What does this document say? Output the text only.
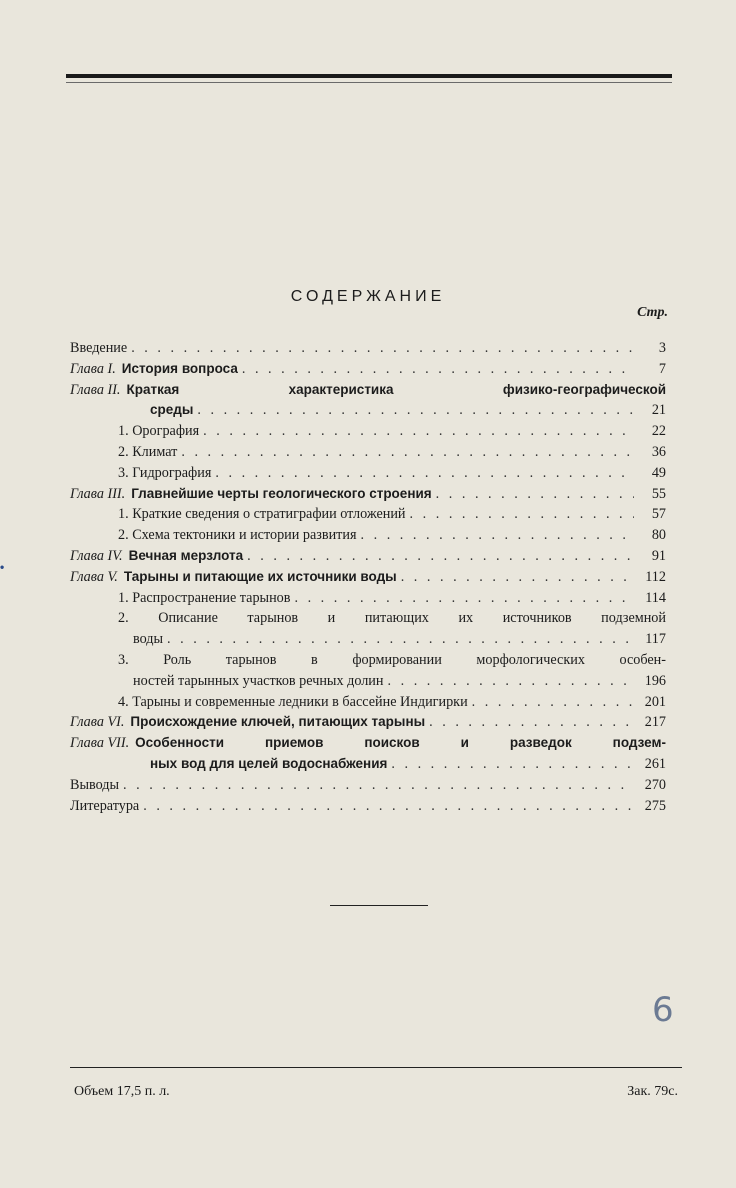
СОДЕРЖАНИЕ
Стр.
•
Введение . . .	3
Глава I. История вопроса . . .	7
Глава II. Краткая характеристика физико-географической
среды . . .	21
1. Орография . . .	22
2. Климат . . .	36
3. Гидрография . . .	49
Глава III. Главнейшие черты геологического строения . . .	55
1. Краткие сведения о стратиграфии отложений . . .	57
2. Схема тектоники и истории развития . . .	80
Глава IV. Вечная мерзлота . . .	91
Глава V. Тарыны и питающие их источники воды . . .	112
1. Распространение тарынов . . .	114
2. Описание тарынов и питающих их источников подземной
воды . . .	117
3. Роль тарынов в формировании морфологических особен-
ностей тарынных участков речных долин . . .	196
4. Тарыны и современные ледники в бассейне Индигирки . . .	201
Глава VI. Происхождение ключей, питающих тарыны . . .	217
Глава VII. Особенности приемов поисков и разведок подзем-
ных вод для целей водоснабжения . . .	261
Выводы . . .	270
Литература . . .	275
6
Объем 17,5 п. л.	Зак. 79с.
